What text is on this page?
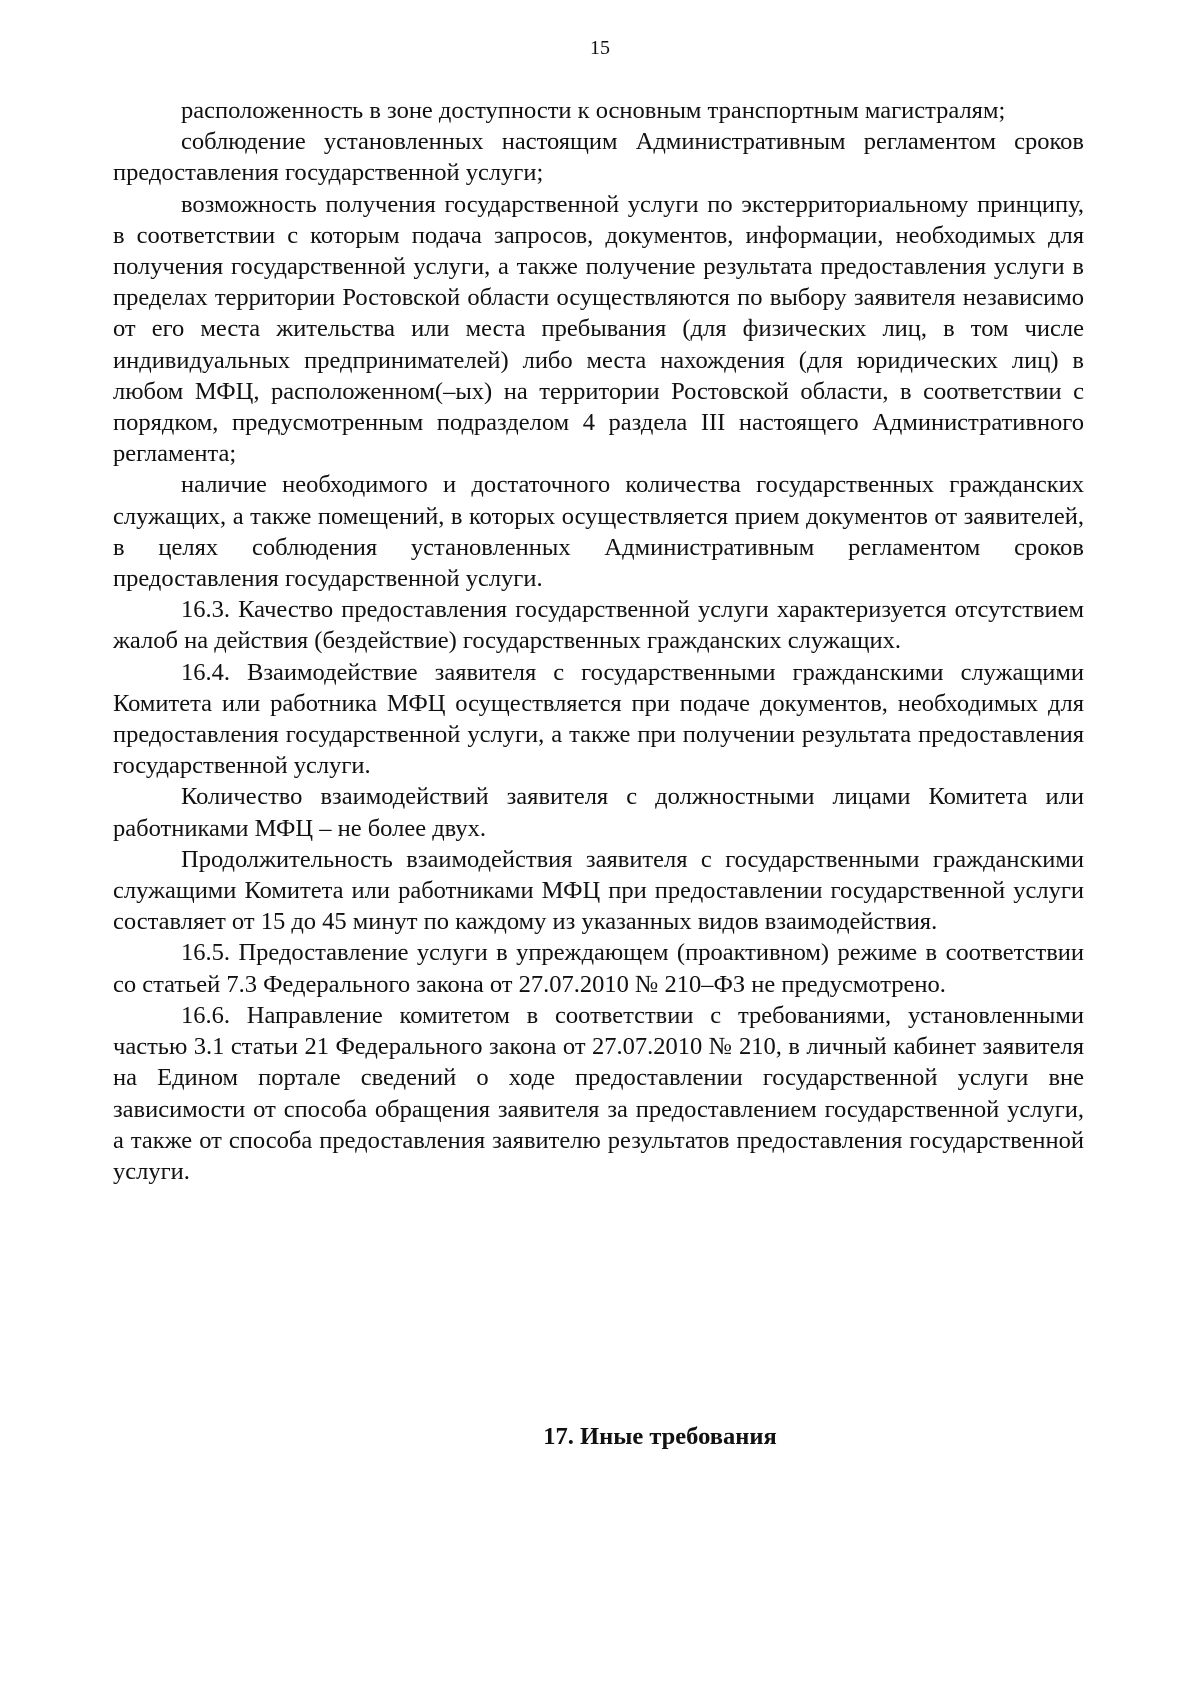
15

расположенность в зоне доступности к основным транспортным магистралям;

соблюдение установленных настоящим Административным регламентом сроков предоставления государственной услуги;

возможность получения государственной услуги по экстерриториальному принципу, в соответствии с которым подача запросов, документов, информации, необходимых для получения государственной услуги, а также получение результата предоставления услуги в пределах территории Ростовской области осуществляются по выбору заявителя независимо от его места жительства или места пребывания (для физических лиц, в том числе индивидуальных предпринимателей) либо места нахождения (для юридических лиц) в любом МФЦ, расположенном(–ых) на территории Ростовской области, в соответствии с порядком, предусмотренным подразделом 4 раздела III настоящего Административного регламента;

наличие необходимого и достаточного количества государственных гражданских служащих, а также помещений, в которых осуществляется прием документов от заявителей, в целях соблюдения установленных Административным регламентом сроков предоставления государственной услуги.

16.3. Качество предоставления государственной услуги характеризуется отсутствием жалоб на действия (бездействие) государственных гражданских служащих.

16.4. Взаимодействие заявителя с государственными гражданскими служащими Комитета или работника МФЦ осуществляется при подаче документов, необходимых для предоставления государственной услуги, а также при получении результата предоставления государственной услуги.

Количество взаимодействий заявителя с должностными лицами Комитета или работниками МФЦ – не более двух.

Продолжительность взаимодействия заявителя с государственными гражданскими служащими Комитета или работниками МФЦ при предоставлении государственной услуги составляет от 15 до 45 минут по каждому из указанных видов взаимодействия.

16.5. Предоставление услуги в упреждающем (проактивном) режиме в соответствии со статьей 7.3 Федерального закона от 27.07.2010 № 210–ФЗ не предусмотрено.

16.6. Направление комитетом в соответствии с требованиями, установленными частью 3.1 статьи 21 Федерального закона от 27.07.2010 № 210, в личный кабинет заявителя на Едином портале сведений о ходе предоставлении государственной услуги вне зависимости от способа обращения заявителя за предоставлением государственной услуги, а также от способа предоставления заявителю результатов предоставления государственной услуги.

17. Иные требования
